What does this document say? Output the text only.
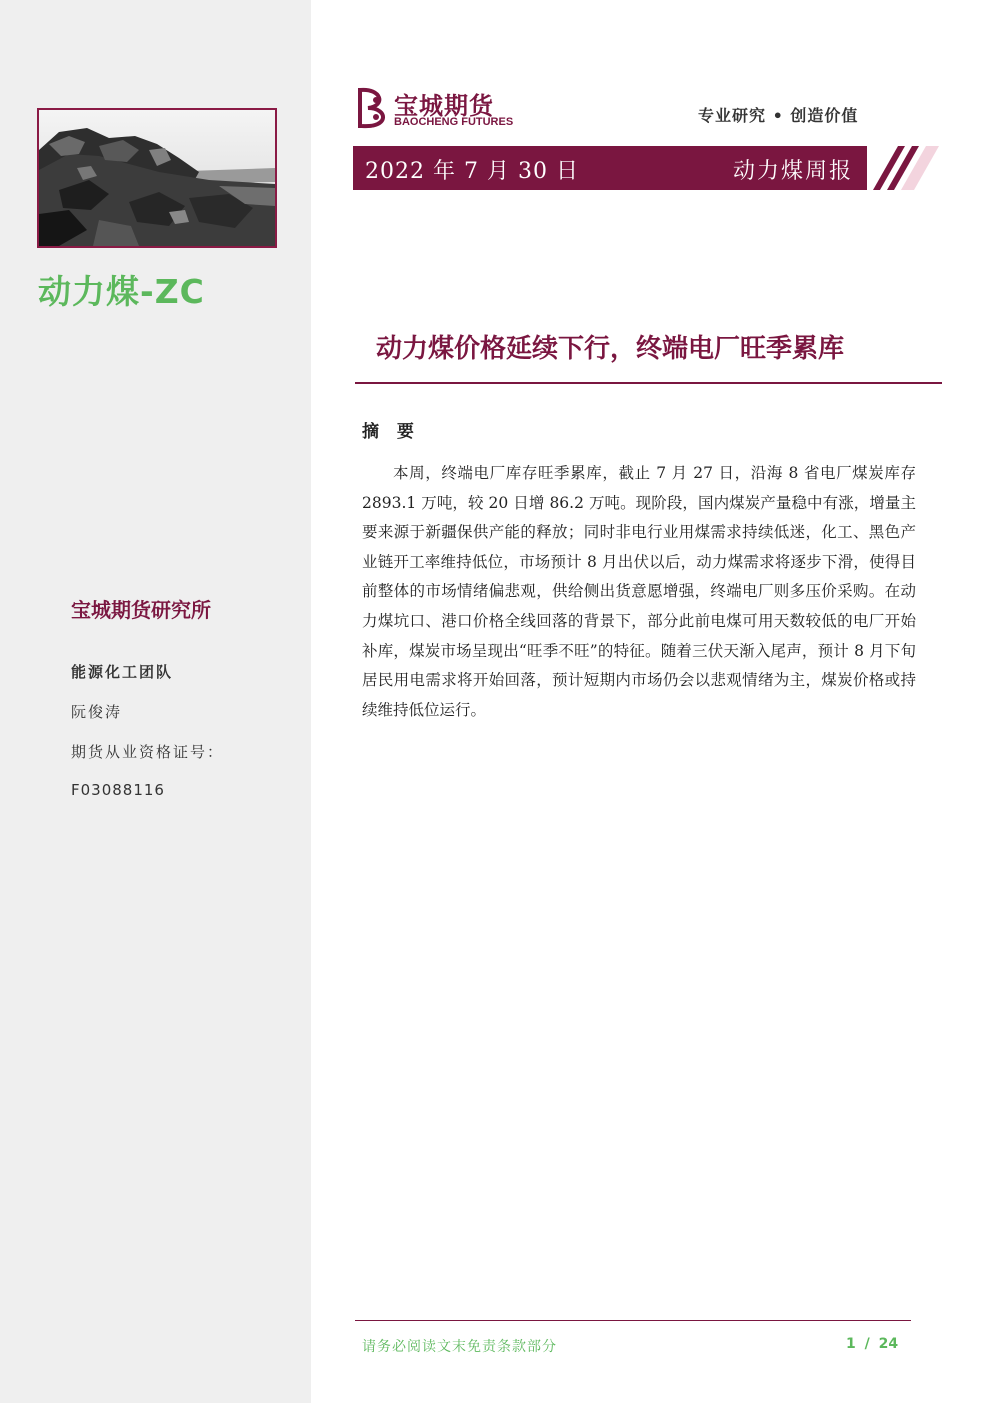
动力煤-ZC
宝城期货研究所
能源化工团队
阮俊涛
期货从业资格证号：
F03088116
宝城期货
BAOCHENG FUTURES	专业研究 • 创造价值
2022 年 7 月 30 日	动力煤周报
动力煤价格延续下行，终端电厂旺季累库
摘 要

本周，终端电厂库存旺季累库，截止 7 月 27 日，沿海 8 省电厂煤炭库存 2893.1 万吨，较 20 日增 86.2 万吨。现阶段，国内煤炭产量稳中有涨，增量主要来源于新疆保供产能的释放；同时非电行业用煤需求持续低迷，化工、黑色产业链开工率维持低位，市场预计 8 月出伏以后，动力煤需求将逐步下滑，使得目前整体的市场情绪偏悲观，供给侧出货意愿增强，终端电厂则多压价采购。在动力煤坑口、港口价格全线回落的背景下，部分此前电煤可用天数较低的电厂开始补库，煤炭市场呈现出“旺季不旺”的特征。随着三伏天渐入尾声，预计 8 月下旬居民用电需求将开始回落，预计短期内市场仍会以悲观情绪为主，煤炭价格或持续维持低位运行。

请务必阅读文末免责条款部分	1 / 24
